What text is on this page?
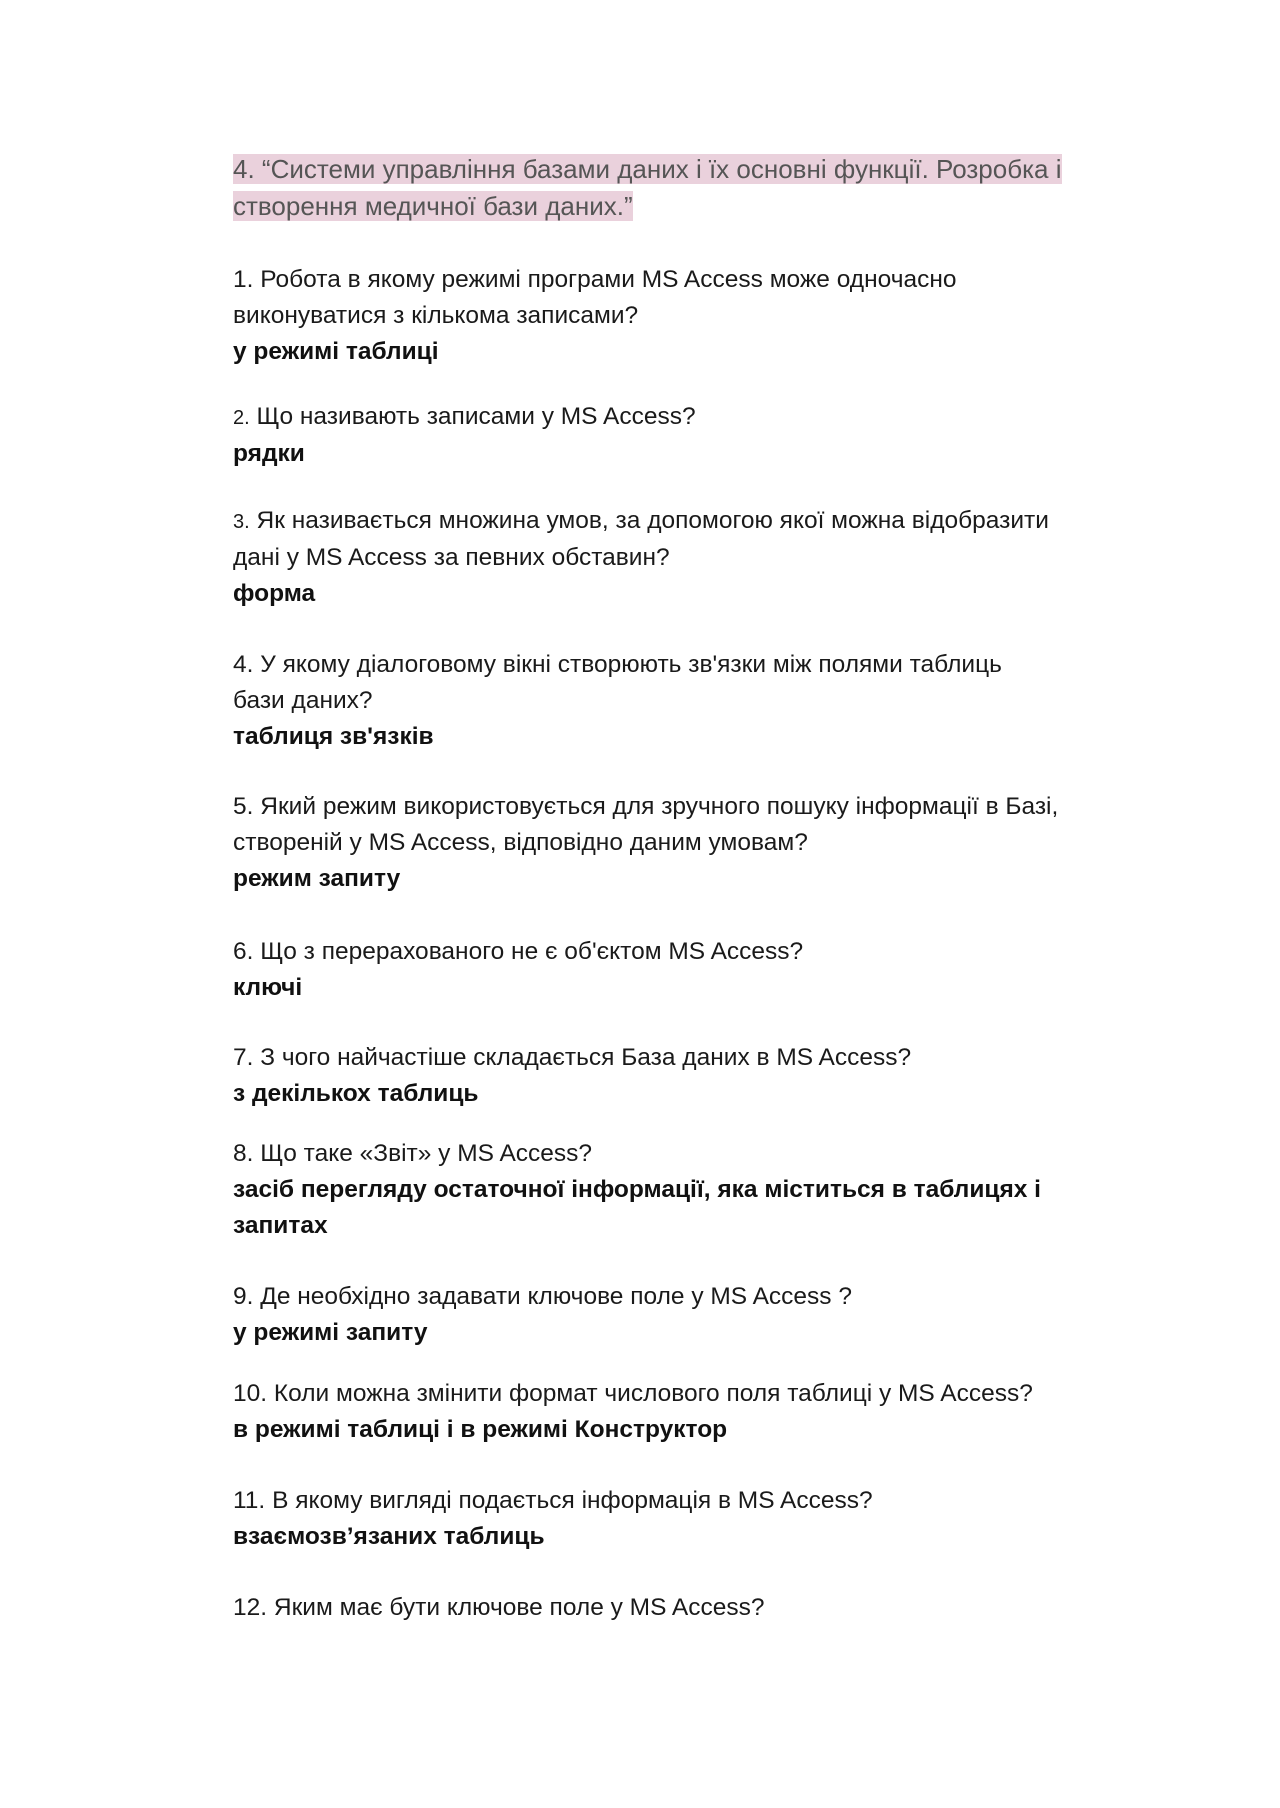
4. “Системи управління базами даних і їх основні функції. Розробка і
створення медичної бази даних.”

1. Робота в якому режимі програми MS Access може одночасно
виконуватися з кількома записами?

у режимі таблиці

2. Що називають записами у MS Access?

рядки

3. Як називається множина умов, за допомогою якої можна відобразити
дані у MS Access за певних обставин?

форма

4. У якому діалоговому вікні створюють зв'язки між полями таблиць
бази даних?

таблиця зв'язків

5. Який режим використовується для зручного пошуку інформації в Базі,
створеній у MS Access, відповідно даним умовам?

режим запиту

6. Що з перерахованого не є об'єктом MS Access?

ключі

7. З чого найчастіше складається База даних в MS Access?

з декількох таблиць

8. Що таке «Звіт» у MS Access?

засіб перегляду остаточної інформації, яка міститься в таблицях і
запитах

9. Де необхідно задавати ключове поле у MS Access ?

у режимі запиту

10. Коли можна змінити формат числового поля таблиці у MS Access?

в режимі таблиці і в режимі Конструктор

11. В якому вигляді подається інформація в MS Access?

взаємозв’язаних таблиць

12. Яким має бути ключове поле у MS Access?
